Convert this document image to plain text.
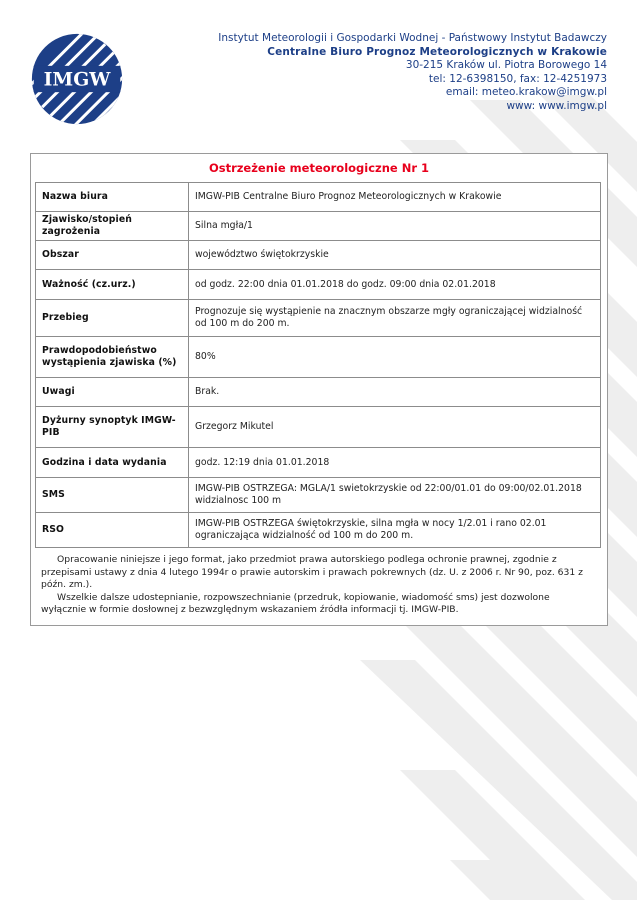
IMGW
Instytut Meteorologii i Gospodarki Wodnej - Państwowy Instytut Badawczy
Centralne Biuro Prognoz Meteorologicznych w Krakowie
30-215 Kraków ul. Piotra Borowego 14
tel: 12-6398150, fax: 12-4251973
email: meteo.krakow@imgw.pl
www: www.imgw.pl
Ostrzeżenie meteorologiczne Nr 1
Nazwa biura	IMGW-PIB Centralne Biuro Prognoz Meteorologicznych w Krakowie
Zjawisko/stopień zagrożenia	Silna mgła/1
Obszar	województwo świętokrzyskie
Ważność (cz.urz.)	od godz. 22:00 dnia 01.01.2018 do godz. 09:00 dnia 02.01.2018
Przebieg	Prognozuje się wystąpienie na znacznym obszarze mgły ograniczającej widzialność od 100 m do 200 m.
Prawdopodobieństwo wystąpienia zjawiska (%)	80%
Uwagi	Brak.
Dyżurny synoptyk IMGW-PIB	Grzegorz Mikutel
Godzina i data wydania	godz. 12:19 dnia 01.01.2018
SMS	IMGW-PIB OSTRZEGA: MGLA/1 swietokrzyskie od 22:00/01.01 do 09:00/02.01.2018 widzialnosc 100 m
RSO	IMGW-PIB OSTRZEGA świętokrzyskie, silna mgła w nocy 1/2.01 i rano 02.01 ograniczająca widzialność od 100 m do 200 m.

Opracowanie niniejsze i jego format, jako przedmiot prawa autorskiego podlega ochronie prawnej, zgodnie z przepisami ustawy z dnia 4 lutego 1994r o prawie autorskim i prawach pokrewnych (dz. U. z 2006 r. Nr 90, poz. 631 z późn. zm.).

Wszelkie dalsze udostepnianie, rozpowszechnianie (przedruk, kopiowanie, wiadomość sms) jest dozwolone wyłącznie w formie dosłownej z bezwzględnym wskazaniem źródła informacji tj. IMGW-PIB.
